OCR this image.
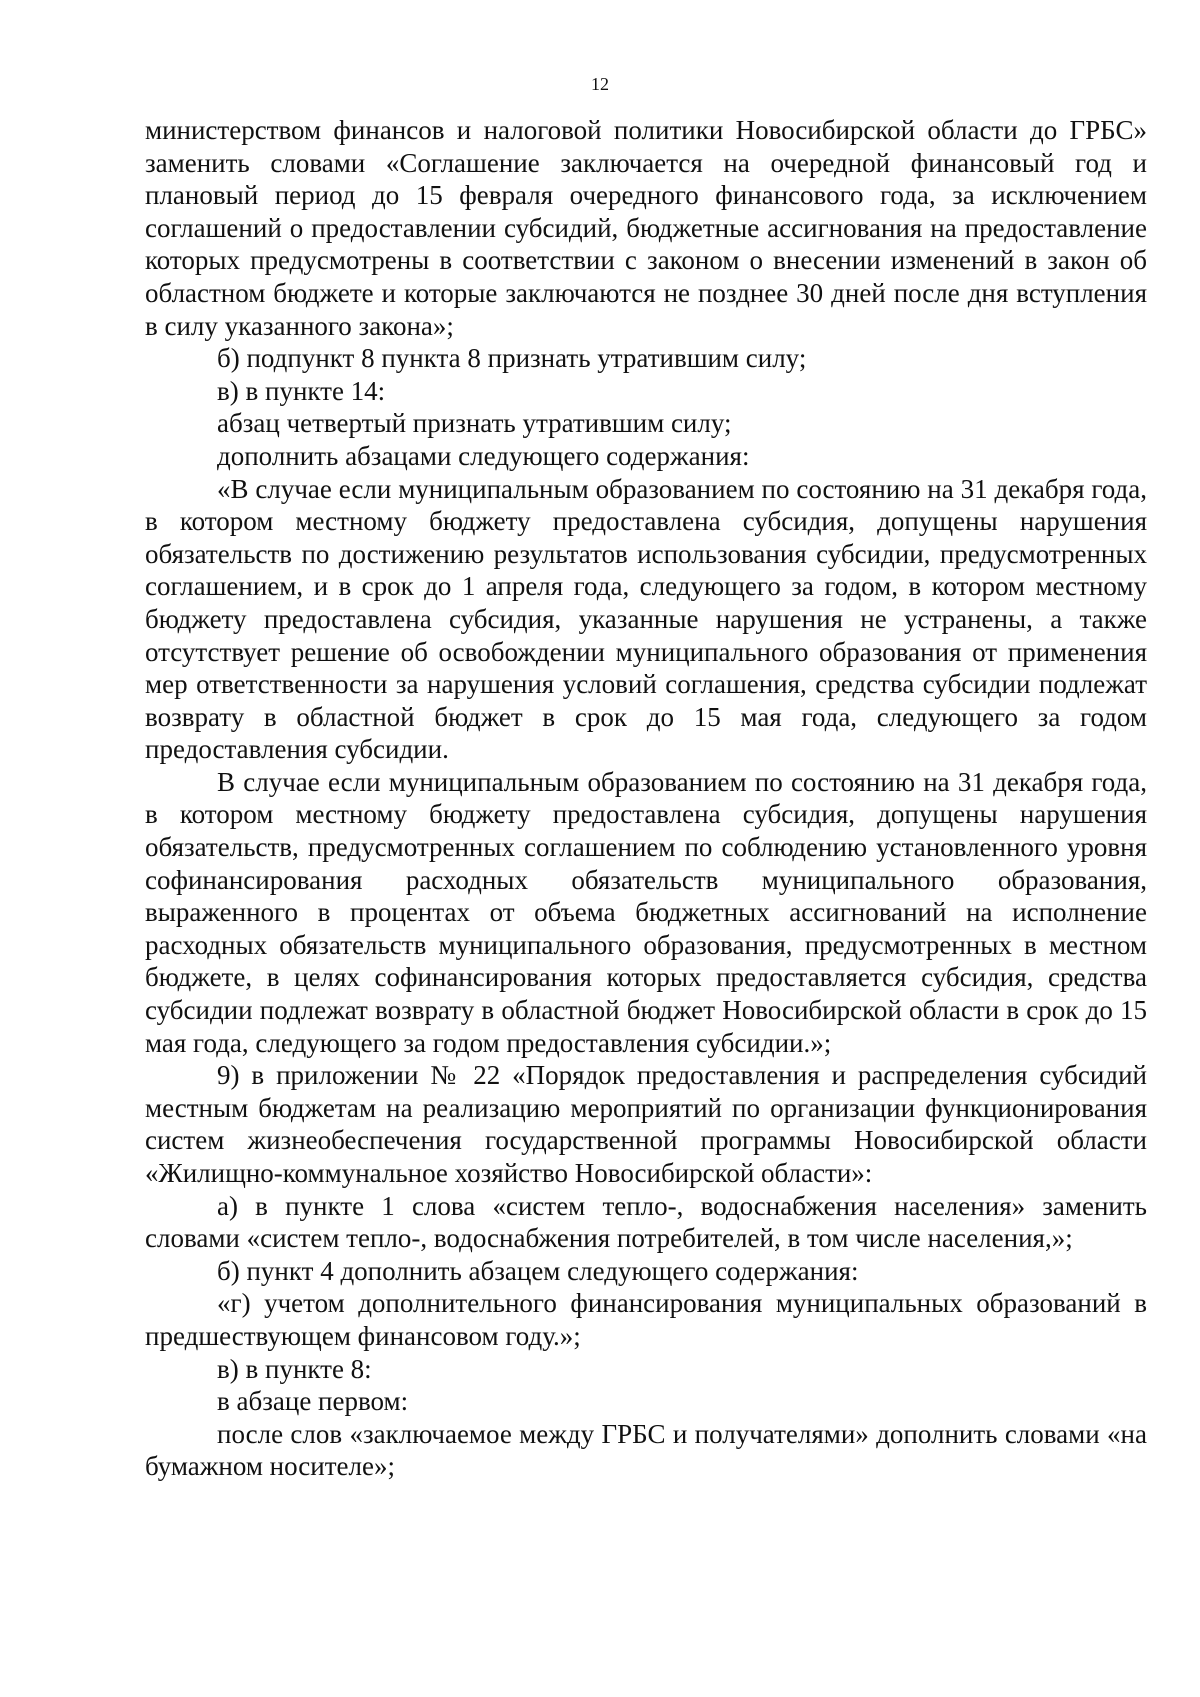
12

министерством финансов и налоговой политики Новосибирской области до ГРБС» заменить словами «Соглашение заключается на очередной финансовый год и плановый период до 15 февраля очередного финансового года, за исключением соглашений о предоставлении субсидий, бюджетные ассигнования на предоставление которых предусмотрены в соответствии с законом о внесении изменений в закон об областном бюджете и которые заключаются не позднее 30 дней после дня вступления в силу указанного закона»;

б) подпункт 8 пункта 8 признать утратившим силу;

в) в пункте 14:

абзац четвертый признать утратившим силу;

дополнить абзацами следующего содержания:

«В случае если муниципальным образованием по состоянию на 31 декабря года, в котором местному бюджету предоставлена субсидия, допущены нарушения обязательств по достижению результатов использования субсидии, предусмотренных соглашением, и в срок до 1 апреля года, следующего за годом, в котором местному бюджету предоставлена субсидия, указанные нарушения не устранены, а также отсутствует решение об освобождении муниципального образования от применения мер ответственности за нарушения условий соглашения, средства субсидии подлежат возврату в областной бюджет в срок до 15 мая года, следующего за годом предоставления субсидии.

В случае если муниципальным образованием по состоянию на 31 декабря года, в котором местному бюджету предоставлена субсидия, допущены нарушения обязательств, предусмотренных соглашением по соблюдению установленного уровня софинансирования расходных обязательств муниципального образования, выраженного в процентах от объема бюджетных ассигнований на исполнение расходных обязательств муниципального образования, предусмотренных в местном бюджете, в целях софинансирования которых предоставляется субсидия, средства субсидии подлежат возврату в областной бюджет Новосибирской области в срок до 15 мая года, следующего за годом предоставления субсидии.»;

9) в приложении № 22 «Порядок предоставления и распределения субсидий местным бюджетам на реализацию мероприятий по организации функционирования систем жизнеобеспечения государственной программы Новосибирской области «Жилищно-коммунальное хозяйство Новосибирской области»:

а) в пункте 1 слова «систем тепло-, водоснабжения населения» заменить словами «систем тепло-, водоснабжения потребителей, в том числе населения,»;

б) пункт 4 дополнить абзацем следующего содержания:

«г) учетом дополнительного финансирования муниципальных образований в предшествующем финансовом году.»;

в) в пункте 8:

в абзаце первом:

после слов «заключаемое между ГРБС и получателями» дополнить словами «на бумажном носителе»;
